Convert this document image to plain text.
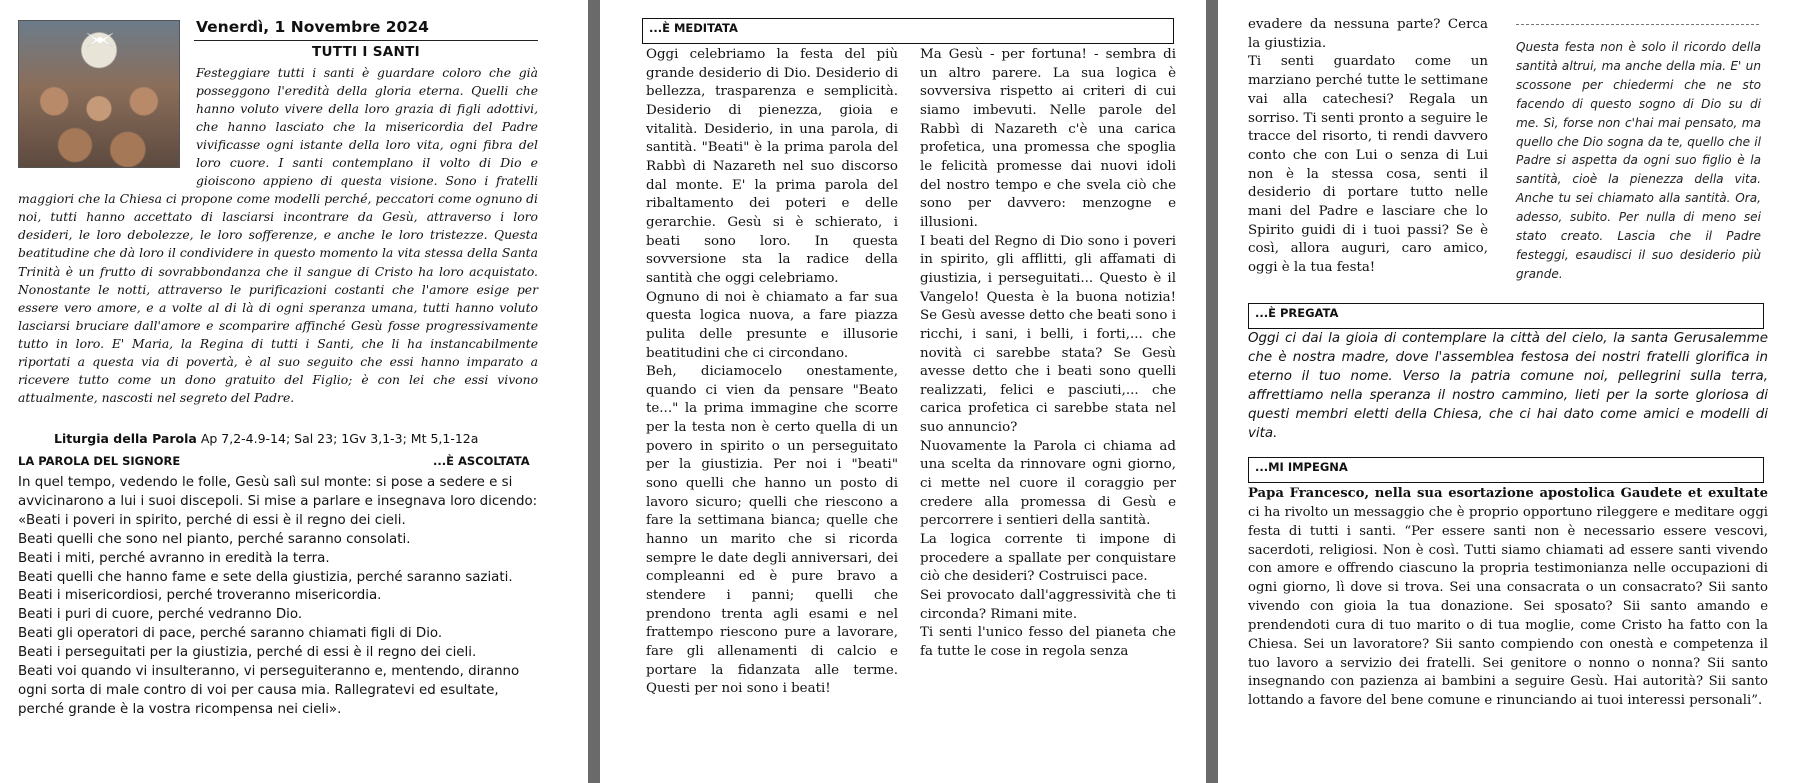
Venerdì, 1 Novembre 2024
TUTTI I SANTI
Festeggiare tutti i santi è guardare coloro che già posseggono l'eredità della gloria eterna. Quelli che hanno voluto vivere della loro grazia di figli adottivi, che hanno lasciato che la misericordia del Padre vivificasse ogni istante della loro vita, ogni fibra del loro cuore. I santi contemplano il volto di Dio e gioiscono appieno di questa visione. Sono i fratelli maggiori che la Chiesa ci propone come modelli perché, peccatori come ognuno di noi, tutti hanno accettato di lasciarsi incontrare da Gesù, attraverso i loro desideri, le loro debolezze, le loro sofferenze, e anche le loro tristezze. Questa beatitudine che dà loro il condividere in questo momento la vita stessa della Santa Trinità è un frutto di sovrabbondanza che il sangue di Cristo ha loro acquistato. Nonostante le notti, attraverso le purificazioni costanti che l'amore esige per essere vero amore, e a volte al di là di ogni speranza umana, tutti hanno voluto lasciarsi bruciare dall'amore e scomparire affinché Gesù fosse progressivamente tutto in loro. E' Maria, la Regina di tutti i Santi, che li ha instancabilmente riportati a questa via di povertà, è al suo seguito che essi hanno imparato a ricevere tutto come un dono gratuito del Figlio; è con lei che essi vivono attualmente, nascosti nel segreto del Padre.
Liturgia della Parola Ap 7,2-4.9-14; Sal 23; 1Gv 3,1-3; Mt 5,1-12a
LA PAROLA DEL SIGNORE	...È ASCOLTATA

In quel tempo, vedendo le folle, Gesù salì sul monte: si pose a sedere e si avvicinarono a lui i suoi discepoli. Si mise a parlare e insegnava loro dicendo:

«Beati i poveri in spirito, perché di essi è il regno dei cieli.

Beati quelli che sono nel pianto, perché saranno consolati.

Beati i miti, perché avranno in eredità la terra.

Beati quelli che hanno fame e sete della giustizia, perché saranno saziati.

Beati i misericordiosi, perché troveranno misericordia.

Beati i puri di cuore, perché vedranno Dio.

Beati gli operatori di pace, perché saranno chiamati figli di Dio.

Beati i perseguitati per la giustizia, perché di essi è il regno dei cieli.

Beati voi quando vi insulteranno, vi perseguiteranno e, mentendo, diranno ogni sorta di male contro di voi per causa mia. Rallegratevi ed esultate, perché grande è la vostra ricompensa nei cieli».

...È MEDITATA

Oggi celebriamo la festa del più grande desiderio di Dio. Desiderio di bellezza, trasparenza e semplicità. Desiderio di pienezza, gioia e vitalità. Desiderio, in una parola, di santità. "Beati" è la prima parola del Rabbì di Nazareth nel suo discorso dal monte. E' la prima parola del ribaltamento dei poteri e delle gerarchie. Gesù si è schierato, i beati sono loro. In questa sovversione sta la radice della santità che oggi celebriamo.

Ognuno di noi è chiamato a far sua questa logica nuova, a fare piazza pulita delle presunte e illusorie beatitudini che ci circondano.

Beh, diciamocelo onestamente, quando ci vien da pensare "Beato te..." la prima immagine che scorre per la testa non è certo quella di un povero in spirito o un perseguitato per la giustizia. Per noi i "beati" sono quelli che hanno un posto di lavoro sicuro; quelli che riescono a fare la settimana bianca; quelle che hanno un marito che si ricorda sempre le date degli anniversari, dei compleanni ed è pure bravo a stendere i panni; quelli che prendono trenta agli esami e nel frattempo riescono pure a lavorare, fare gli allenamenti di calcio e portare la fidanzata alle terme. Questi per noi sono i beati!

Ma Gesù - per fortuna! - sembra di un altro parere. La sua logica è sovversiva rispetto ai criteri di cui siamo imbevuti. Nelle parole del Rabbì di Nazareth c'è una carica profetica, una promessa che spoglia le felicità promesse dai nuovi idoli del nostro tempo e che svela ciò che sono per davvero: menzogne e illusioni.

I beati del Regno di Dio sono i poveri in spirito, gli afflitti, gli affamati di giustizia, i perseguitati... Questo è il Vangelo! Questa è la buona notizia! Se Gesù avesse detto che beati sono i ricchi, i sani, i belli, i forti,... che novità ci sarebbe stata? Se Gesù avesse detto che i beati sono quelli realizzati, felici e pasciuti,... che carica profetica ci sarebbe stata nel suo annuncio?

Nuovamente la Parola ci chiama ad una scelta da rinnovare ogni giorno, ci mette nel cuore il coraggio per credere alla promessa di Gesù e percorrere i sentieri della santità.

La logica corrente ti impone di procedere a spallate per conquistare ciò che desideri? Costruisci pace.

Sei provocato dall'aggressività che ti circonda? Rimani mite.

Ti senti l'unico fesso del pianeta che fa tutte le cose in regola senza

evadere da nessuna parte? Cerca la giustizia.

Ti senti guardato come un marziano perché tutte le settimane vai alla catechesi? Regala un sorriso. Ti senti pronto a seguire le tracce del risorto, ti rendi davvero conto che con Lui o senza di Lui non è la stessa cosa, senti il desiderio di portare tutto nelle mani del Padre e lasciare che lo Spirito guidi di i tuoi passi? Se è così, allora auguri, caro amico, oggi è la tua festa!

Questa festa non è solo il ricordo della santità altrui, ma anche della mia. E' un scossone per chiedermi che ne sto facendo di questo sogno di Dio su di me. Sì, forse non c'hai mai pensato, ma quello che Dio sogna da te, quello che il Padre si aspetta da ogni suo figlio è la santità, cioè la pienezza della vita. Anche tu sei chiamato alla santità. Ora, adesso, subito. Per nulla di meno sei stato creato. Lascia che il Padre festeggi, esaudisci il suo desiderio più grande.
...È PREGATA
Oggi ci dai la gioia di contemplare la città del cielo, la santa Gerusalemme che è nostra madre, dove l'assemblea festosa dei nostri fratelli glorifica in eterno il tuo nome. Verso la patria comune noi, pellegrini sulla terra, affrettiamo nella speranza il nostro cammino, lieti per la sorte gloriosa di questi membri eletti della Chiesa, che ci hai dato come amici e modelli di vita.
...MI IMPEGNA
Papa Francesco, nella sua esortazione apostolica Gaudete et exultate ci ha rivolto un messaggio che è proprio opportuno rileggere e meditare oggi festa di tutti i santi. “Per essere santi non è necessario essere vescovi, sacerdoti, religiosi. Non è così. Tutti siamo chiamati ad essere santi vivendo con amore e offrendo ciascuno la propria testimonianza nelle occupazioni di ogni giorno, lì dove si trova. Sei una consacrata o un consacrato? Sii santo vivendo con gioia la tua donazione. Sei sposato? Sii santo amando e prendendoti cura di tuo marito o di tua moglie, come Cristo ha fatto con la Chiesa. Sei un lavoratore? Sii santo compiendo con onestà e competenza il tuo lavoro a servizio dei fratelli. Sei genitore o nonno o nonna? Sii santo insegnando con pazienza ai bambini a seguire Gesù. Hai autorità? Sii santo lottando a favore del bene comune e rinunciando ai tuoi interessi personali”.
